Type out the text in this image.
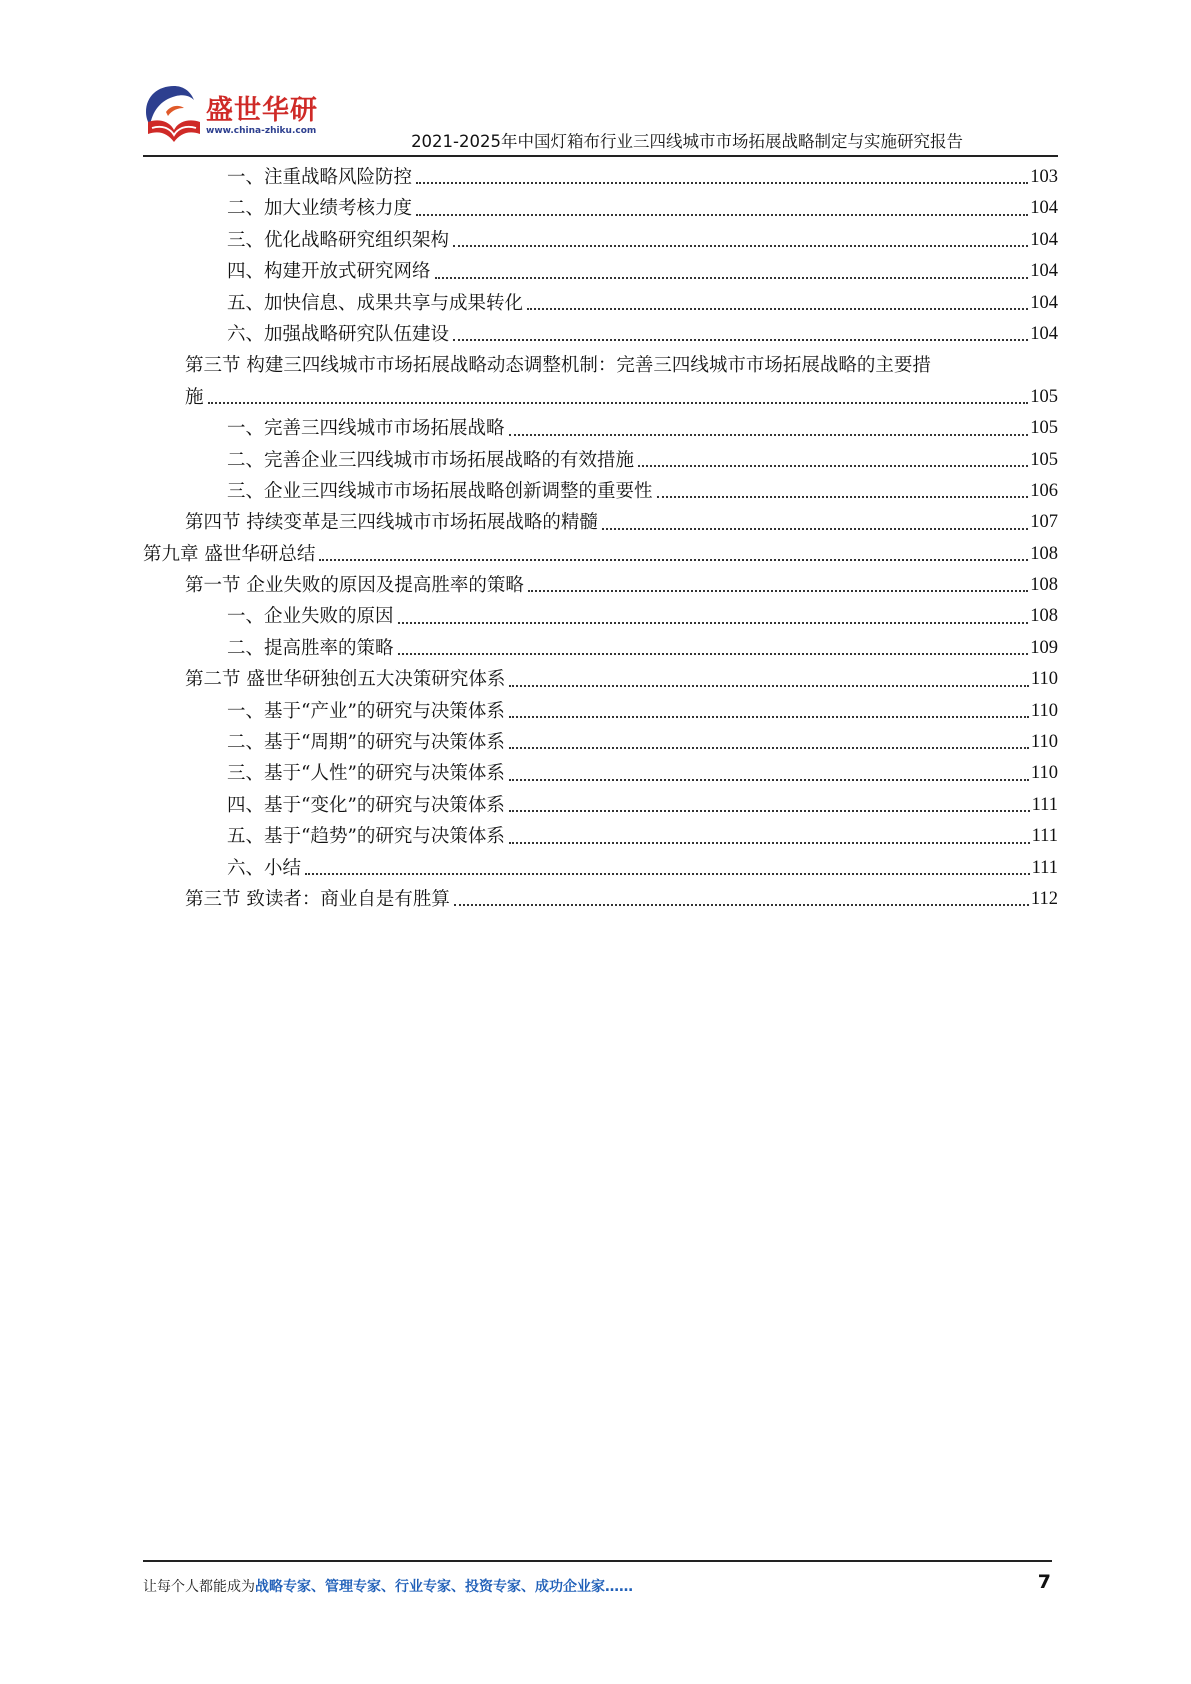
盛世华研
www.china-zhiku.com
2021-2025年中国灯箱布行业三四线城市市场拓展战略制定与实施研究报告
一、注重战略风险防控	103
二、加大业绩考核力度	104
三、优化战略研究组织架构	104
四、构建开放式研究网络	104
五、加快信息、成果共享与成果转化	104
六、加强战略研究队伍建设	104
第三节 构建三四线城市市场拓展战略动态调整机制：完善三四线城市市场拓展战略的主要措
施	105
一、完善三四线城市市场拓展战略	105
二、完善企业三四线城市市场拓展战略的有效措施	105
三、企业三四线城市市场拓展战略创新调整的重要性	106
第四节 持续变革是三四线城市市场拓展战略的精髓	107
第九章 盛世华研总结	108
第一节 企业失败的原因及提高胜率的策略	108
一、企业失败的原因	108
二、提高胜率的策略	109
第二节 盛世华研独创五大决策研究体系	110
一、基于“产业”的研究与决策体系	110
二、基于“周期”的研究与决策体系	110
三、基于“人性”的研究与决策体系	110
四、基于“变化”的研究与决策体系	111
五、基于“趋势”的研究与决策体系	111
六、小结	111
第三节 致读者：商业自是有胜算	112
让每个人都能成为战略专家、管理专家、行业专家、投资专家、成功企业家……	7
